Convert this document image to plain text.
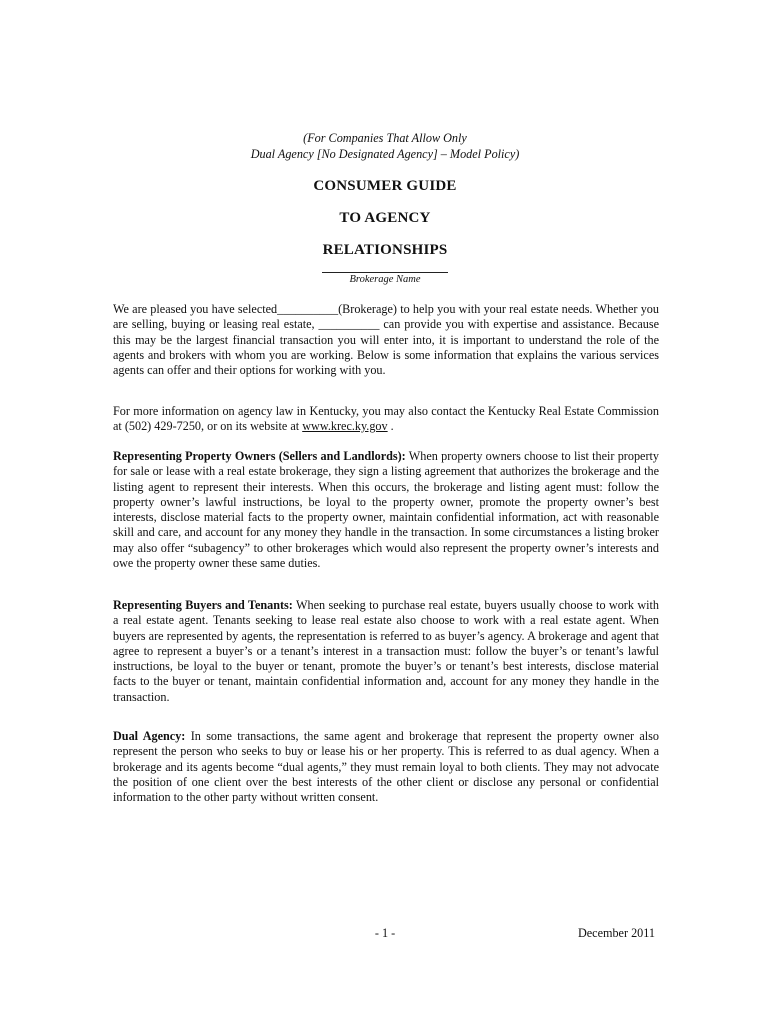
(For Companies That Allow Only
Dual Agency [No Designated Agency] – Model Policy)
CONSUMER GUIDE
TO AGENCY
RELATIONSHIPS
Brokerage Name

We are pleased you have selected__________(Brokerage) to help you with your real estate needs. Whether you are selling, buying or leasing real estate, __________ can provide you with expertise and assistance. Because this may be the largest financial transaction you will enter into, it is important to understand the role of the agents and brokers with whom you are working. Below is some information that explains the various services agents can offer and their options for working with you.

For more information on agency law in Kentucky, you may also contact the Kentucky Real Estate Commission at (502) 429-7250, or on its website at www.krec.ky.gov .

Representing Property Owners (Sellers and Landlords): When property owners choose to list their property for sale or lease with a real estate brokerage, they sign a listing agreement that authorizes the brokerage and the listing agent to represent their interests. When this occurs, the brokerage and listing agent must: follow the property owner’s lawful instructions, be loyal to the property owner, promote the property owner’s best interests, disclose material facts to the property owner, maintain confidential information, act with reasonable skill and care, and account for any money they handle in the transaction. In some circumstances a listing broker may also offer “subagency” to other brokerages which would also represent the property owner’s interests and owe the property owner these same duties.

Representing Buyers and Tenants: When seeking to purchase real estate, buyers usually choose to work with a real estate agent. Tenants seeking to lease real estate also choose to work with a real estate agent. When buyers are represented by agents, the representation is referred to as buyer’s agency. A brokerage and agent that agree to represent a buyer’s or a tenant’s interest in a transaction must: follow the buyer’s or tenant’s lawful instructions, be loyal to the buyer or tenant, promote the buyer’s or tenant’s best interests, disclose material facts to the buyer or tenant, maintain confidential information and, account for any money they handle in the transaction.

Dual Agency: In some transactions, the same agent and brokerage that represent the property owner also represent the person who seeks to buy or lease his or her property. This is referred to as dual agency. When a brokerage and its agents become “dual agents,” they must remain loyal to both clients. They may not advocate the position of one client over the best interests of the other client or disclose any personal or confidential information to the other party without written consent.

- 1 -	December 2011
